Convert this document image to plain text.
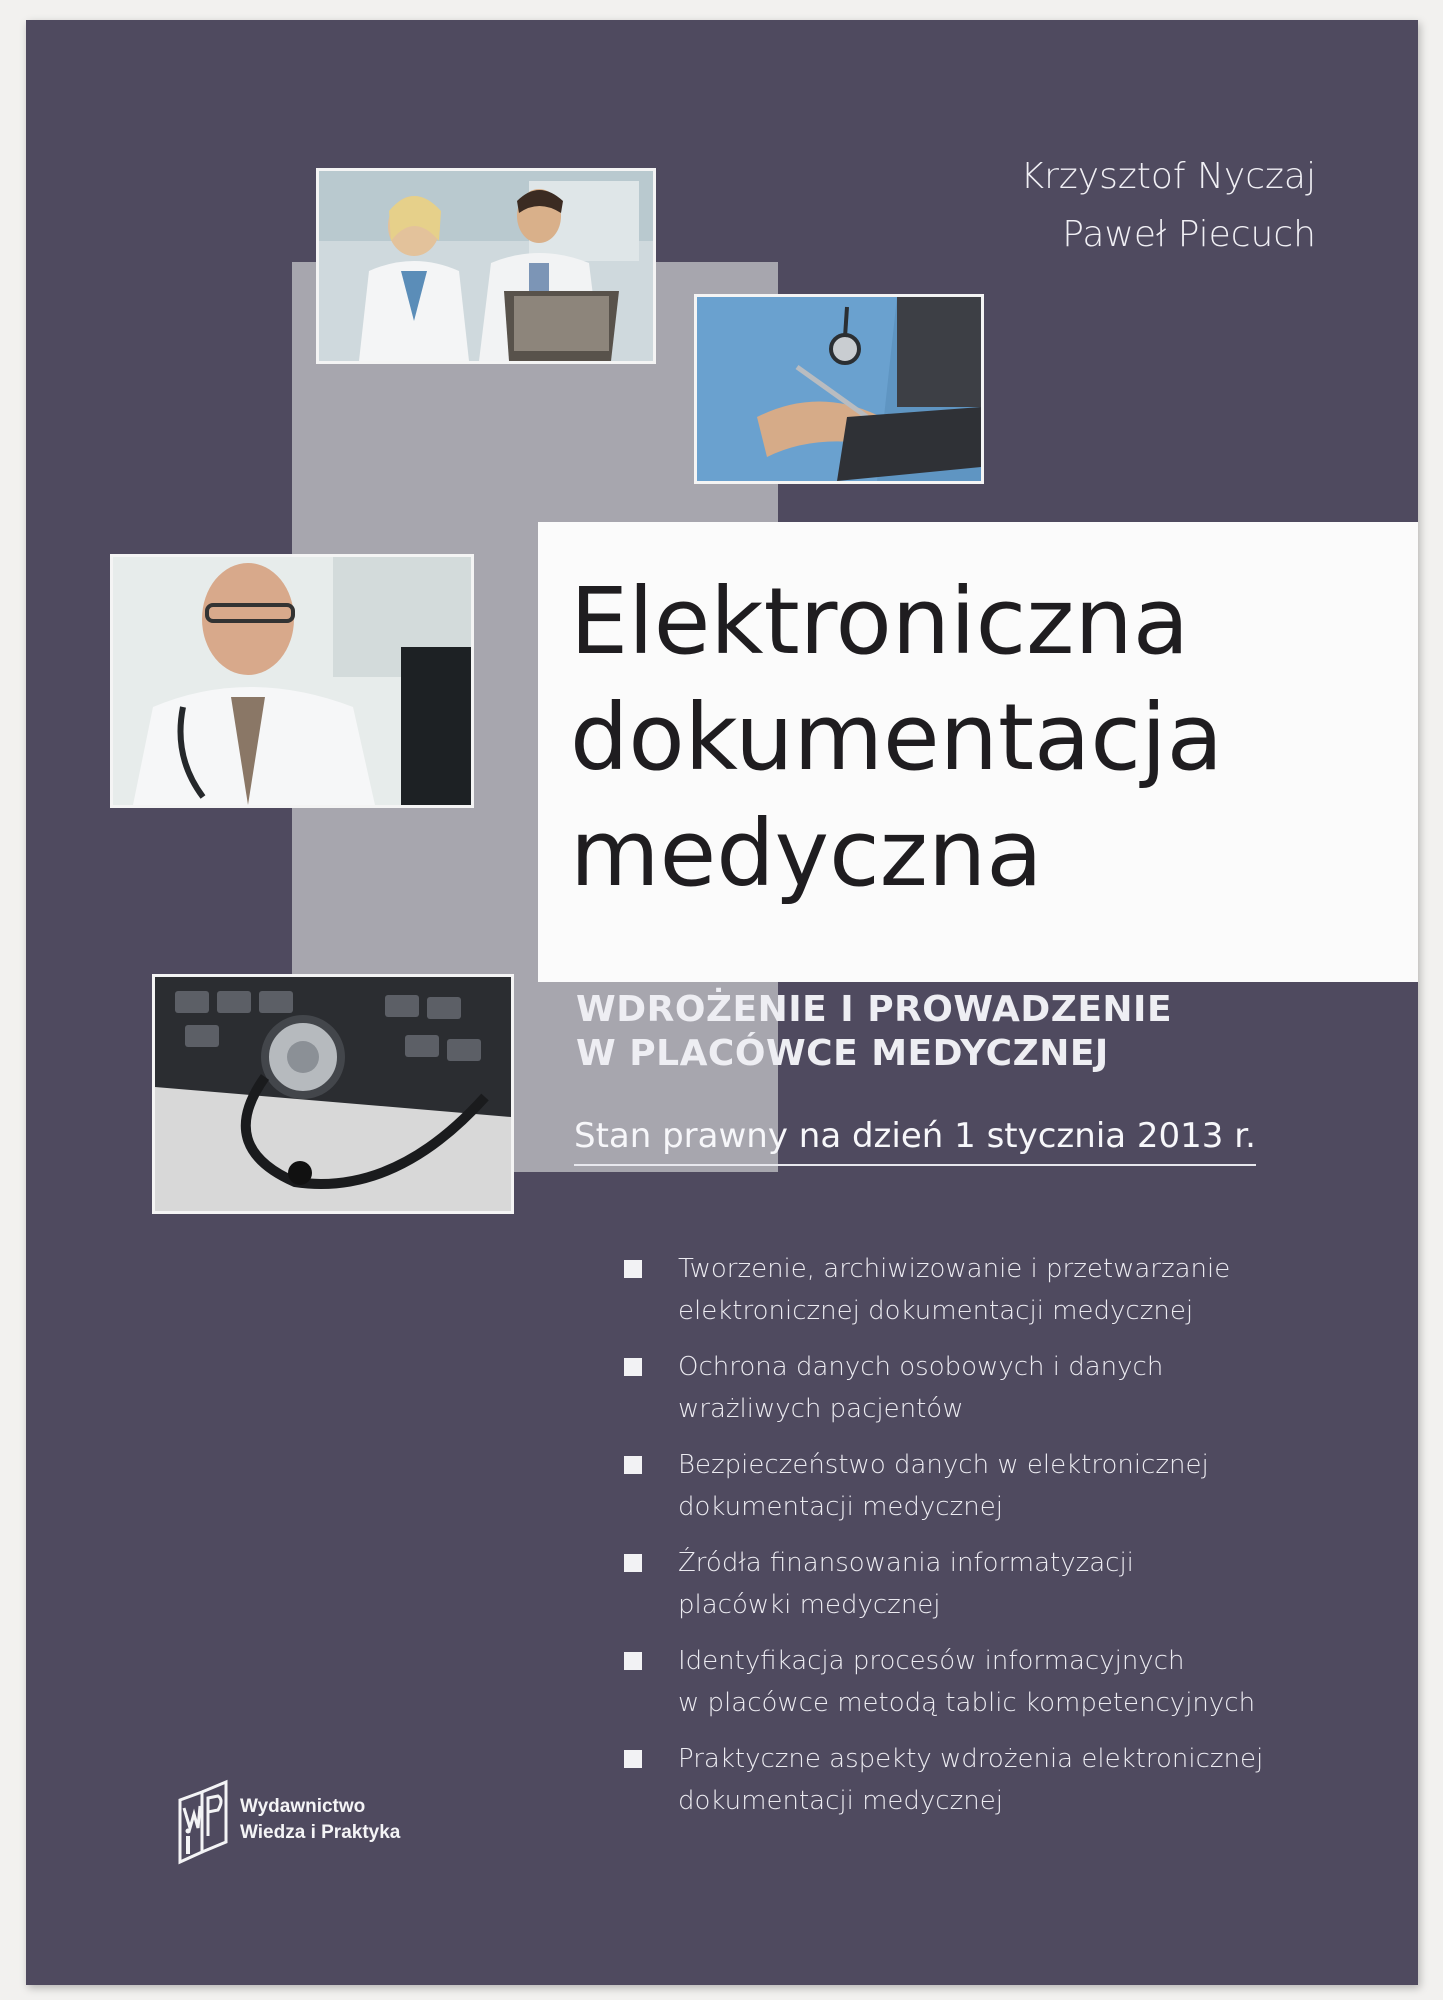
Krzysztof Nyczaj
Paweł Piecuch
Elektroniczna
dokumentacja
medyczna
WDROŻENIE I PROWADZENIE
W PLACÓWCE MEDYCZNEJ
Stan prawny na dzień 1 stycznia 2013 r.
Tworzenie, archiwizowanie i przetwarzanie
elektronicznej dokumentacji medycznej
Ochrona danych osobowych i danych
wrażliwych pacjentów
Bezpieczeństwo danych w elektronicznej
dokumentacji medycznej
Źródła finansowania informatyzacji
placówki medycznej
Identyfikacja procesów informacyjnych
w placówce metodą tablic kompetencyjnych
Praktyczne aspekty wdrożenia elektronicznej
dokumentacji medycznej
Wydawnictwo
Wiedza i Praktyka
